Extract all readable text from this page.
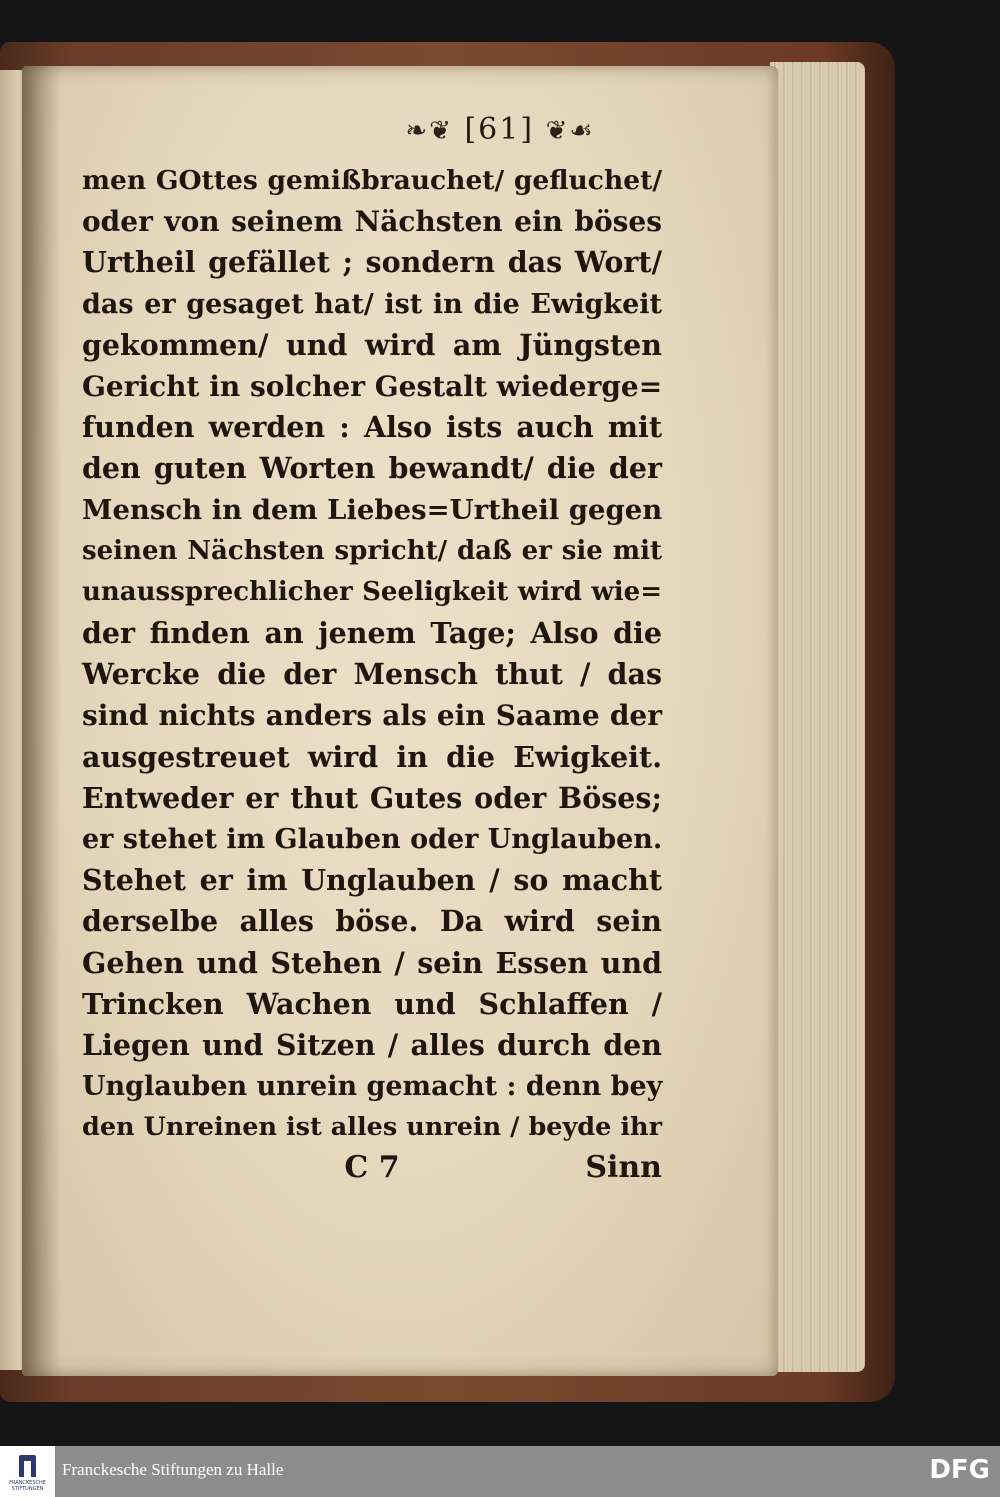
❧❦ [61] ❦☙
men GOttes gemißbrauchet/ gefluchet/
oder von seinem Nächsten ein böses
Urtheil gefället ; sondern das Wort/
das er gesaget hat/ ist in die Ewigkeit
gekommen/ und wird am Jüngsten
Gericht in solcher Gestalt wiederge=
funden werden : Also ists auch mit
den guten Worten bewandt/ die der
Mensch in dem Liebes=Urtheil gegen
seinen Nächsten spricht/ daß er sie mit
unaussprechlicher Seeligkeit wird wie=
der finden an jenem Tage; Also die
Wercke die der Mensch thut / das
sind nichts anders als ein Saame der
ausgestreuet wird in die Ewigkeit.
Entweder er thut Gutes oder Böses;
er stehet im Glauben oder Unglauben.
Stehet er im Unglauben / so macht
derselbe alles böse. Da wird sein
Gehen und Stehen / sein Essen und
Trincken Wachen und Schlaffen /
Liegen und Sitzen / alles durch den
Unglauben unrein gemacht : denn bey
den Unreinen ist alles unrein / beyde ihr
C 7	Sinn
FRANCKESCHE STIFTUNGEN
Franckesche Stiftungen zu Halle	DFG
